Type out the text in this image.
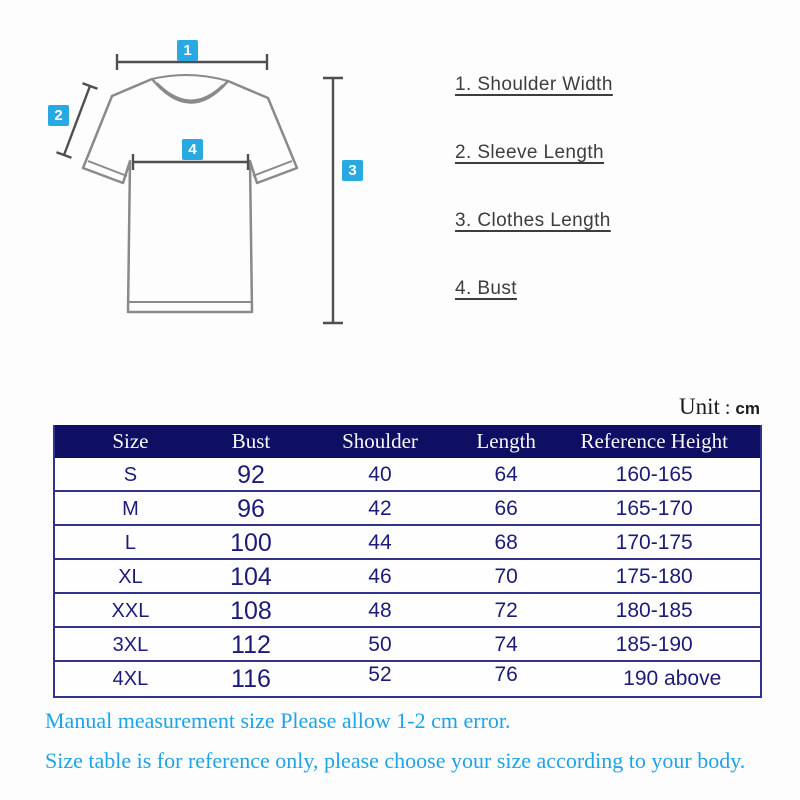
1
2
3
4
1. Shoulder Width
2. Sleeve Length
3. Clothes Length
4. Bust
Unit : cm
Size	Bust	Shoulder	Length	Reference Height
S	92	40	64	160-165
M	96	42	66	165-170
L	100	44	68	170-175
XL	104	46	70	175-180
XXL	108	48	72	180-185
3XL	112	50	74	185-190
4XL	116	52	76	190 above
Manual measurement size Please allow 1-2 cm error.
Size table is for reference only, please choose your size according to your body.
